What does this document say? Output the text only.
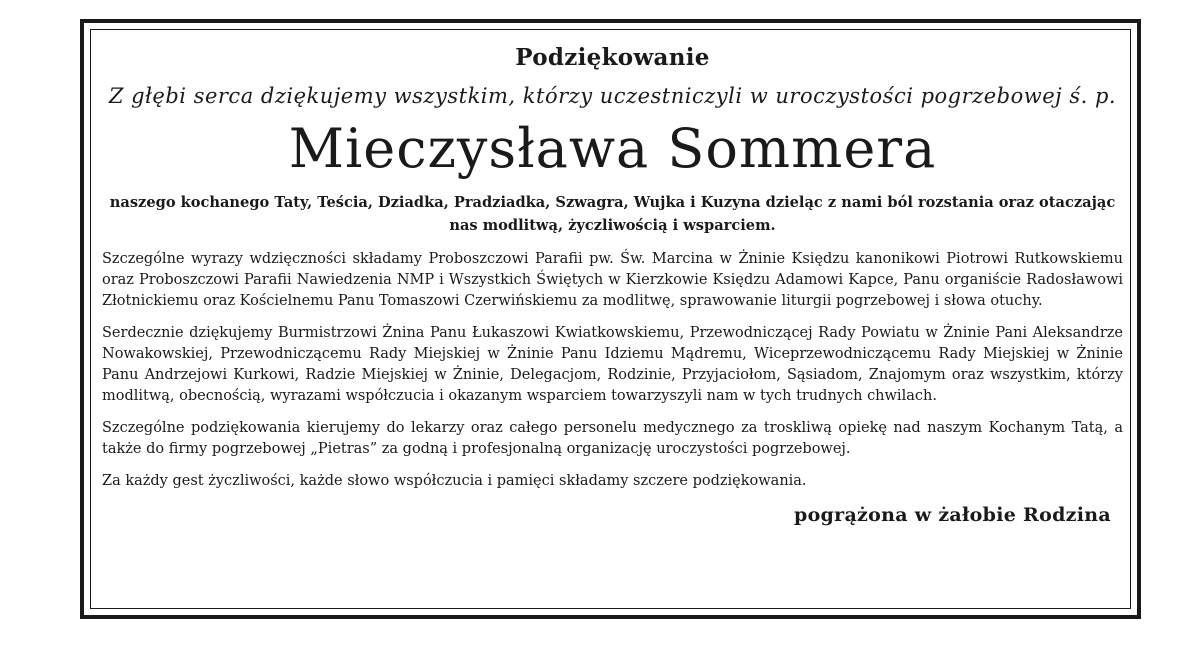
Podziękowanie
Z głębi serca dziękujemy wszystkim, którzy uczestniczyli w uroczystości pogrzebowej ś. p.
Mieczysława Sommera
naszego kochanego Taty, Teścia, Dziadka, Pradziadka, Szwagra, Wujka i Kuzyna dzieląc z nami ból rozstania oraz otaczając nas modlitwą, życzliwością i wsparciem.

Szczególne wyrazy wdzięczności składamy Proboszczowi Parafii pw. Św. Marcina w Żninie Księdzu kanonikowi Piotrowi Rutkowskiemu oraz Proboszczowi Parafii Nawiedzenia NMP i Wszystkich Świętych w Kierzkowie Księdzu Adamowi Kapce, Panu organiście Radosławowi Złotnickiemu oraz Kościelnemu Panu Tomaszowi Czerwińskiemu za modlitwę, sprawowanie liturgii pogrzebowej i słowa otuchy.

Serdecznie dziękujemy Burmistrzowi Żnina Panu Łukaszowi Kwiatkowskiemu, Przewodniczącej Rady Powiatu w Żninie Pani Aleksandrze Nowakowskiej, Przewodniczącemu Rady Miejskiej w Żninie Panu Idziemu Mądremu, Wiceprzewodniczącemu Rady Miejskiej w Żninie Panu Andrzejowi Kurkowi, Radzie Miejskiej w Żninie, Delegacjom, Rodzinie, Przyjaciołom, Sąsiadom, Znajomym oraz wszystkim, którzy modlitwą, obecnością, wyrazami współczucia i okazanym wsparciem towarzyszyli nam w tych trudnych chwilach.

Szczególne podziękowania kierujemy do lekarzy oraz całego personelu medycznego za troskliwą opiekę nad naszym Kochanym Tatą, a także do firmy pogrzebowej „Pietras” za godną i profesjonalną organizację uroczystości pogrzebowej.

Za każdy gest życzliwości, każde słowo współczucia i pamięci składamy szczere podziękowania.

pogrążona w żałobie Rodzina
